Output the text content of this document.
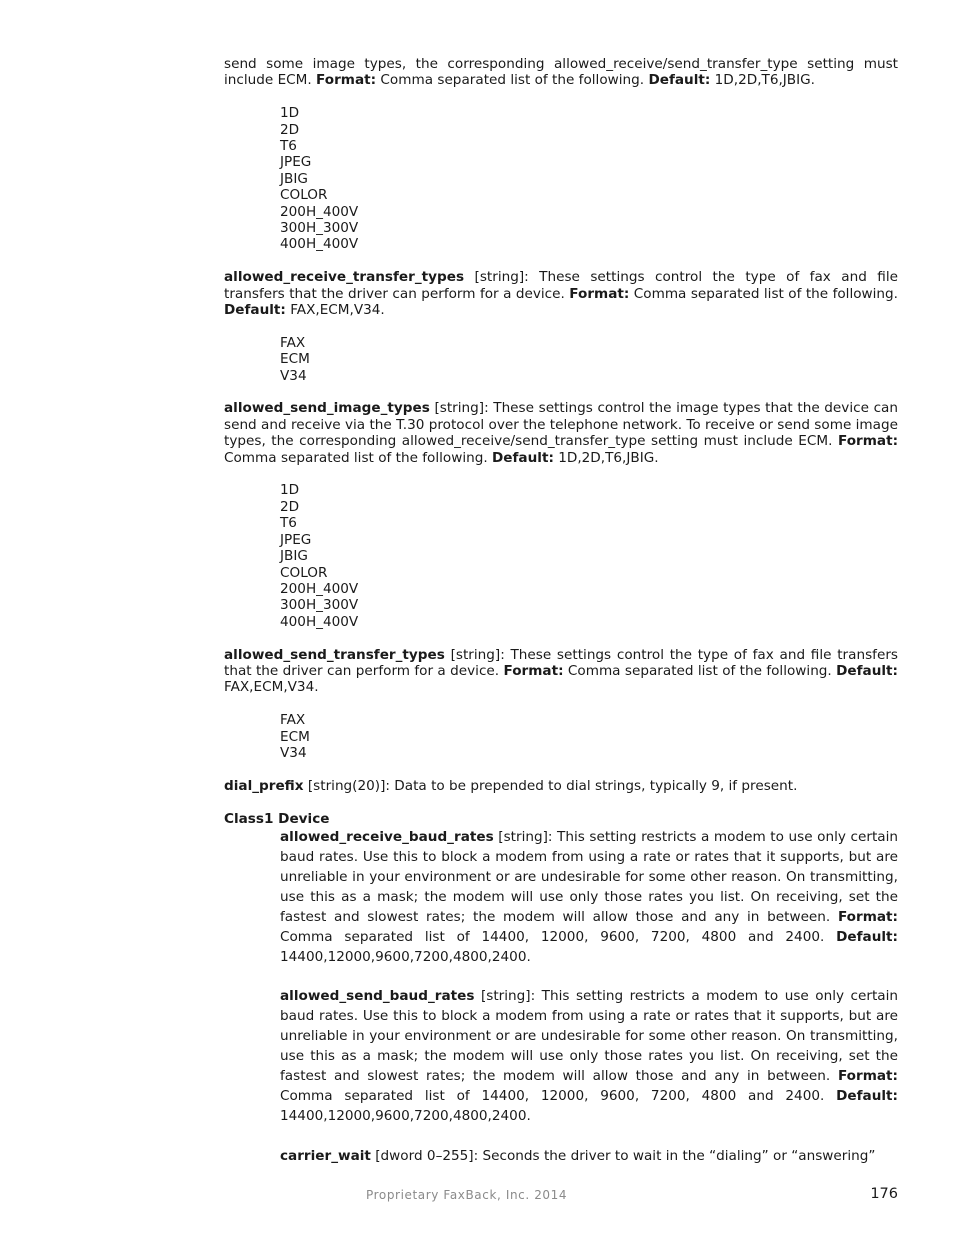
send some image types, the corresponding allowed_receive/send_transfer_type setting must include ECM. Format: Comma separated list of the following. Default: 1D,2D,T6,JBIG.

1D
2D
T6
JPEG
JBIG
COLOR
200H_400V
300H_300V
400H_400V

allowed_receive_transfer_types [string]: These settings control the type of fax and file transfers that the driver can perform for a device. Format: Comma separated list of the following. Default: FAX,ECM,V34.

FAX
ECM
V34

allowed_send_image_types [string]: These settings control the image types that the device can send and receive via the T.30 protocol over the telephone network. To receive or send some image types, the corresponding allowed_receive/send_transfer_type setting must include ECM. Format: Comma separated list of the following. Default: 1D,2D,T6,JBIG.

1D
2D
T6
JPEG
JBIG
COLOR
200H_400V
300H_300V
400H_400V

allowed_send_transfer_types [string]: These settings control the type of fax and file transfers that the driver can perform for a device. Format: Comma separated list of the following. Default: FAX,ECM,V34.

FAX
ECM
V34

dial_prefix [string(20)]: Data to be prepended to dial strings, typically 9, if present.

Class1 Device

allowed_receive_baud_rates [string]: This setting restricts a modem to use only certain baud rates. Use this to block a modem from using a rate or rates that it supports, but are unreliable in your environment or are undesirable for some other reason. On transmitting, use this as a mask; the modem will use only those rates you list. On receiving, set the fastest and slowest rates; the modem will allow those and any in between. Format: Comma separated list of 14400, 12000, 9600, 7200, 4800 and 2400. Default: 14400,12000,9600,7200,4800,2400.

allowed_send_baud_rates [string]: This setting restricts a modem to use only certain baud rates. Use this to block a modem from using a rate or rates that it supports, but are unreliable in your environment or are undesirable for some other reason. On transmitting, use this as a mask; the modem will use only those rates you list. On receiving, set the fastest and slowest rates; the modem will allow those and any in between. Format: Comma separated list of 14400, 12000, 9600, 7200, 4800 and 2400. Default: 14400,12000,9600,7200,4800,2400.

carrier_wait [dword 0–255]: Seconds the driver to wait in the “dialing” or “answering”

Proprietary FaxBack, Inc. 2014	176
